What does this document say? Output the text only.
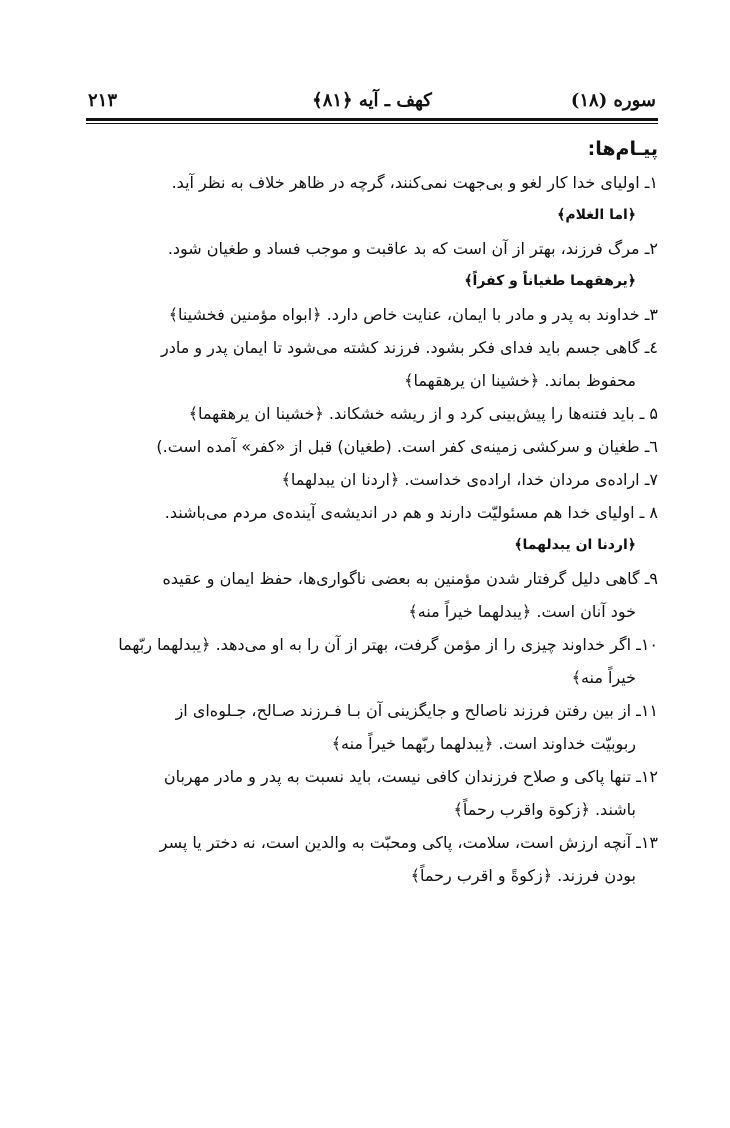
سوره (۱۸)
کهف ـ آیه ﴿۸۱﴾
۲۱۳
پیـام‌ها:
۱ـ اولیای خدا کار لغو و بی‌جهت نمی‌کنند، گرچه در ظاهر خلاف به نظر آید.
﴿اما الغلام﴾
۲ـ مرگ فرزند، بهتر از آن است که بد عاقبت و موجب فساد و طغیان شود.
﴿یرهقهما طغیاناً و کفراً﴾
۳ـ خداوند به پدر و مادر با ایمان، عنایت خاص دارد. ﴿ابواه مؤمنین فخشینا﴾
٤ـ گاهی جسم باید فدای فکر بشود. فرزند کشته می‌شود تا ایمان پدر و مادر
محفوظ بماند. ﴿خشینا ان یرهقهما﴾
۵ ـ باید فتنه‌ها را پیش‌بینی کرد و از ریشه خشکاند. ﴿خشینا ان یرهقهما﴾
٦ـ طغیان و سرکشی زمینه‌ی کفر است. (طغیان) قبل از «کفر» آمده است.)
۷ـ اراده‌ی مردان خدا، اراده‌ی خداست. ﴿اردنا ان یبدلهما﴾
۸ ـ اولیای خدا هم مسئولیّت دارند و هم در اندیشه‌ی آینده‌ی مردم می‌باشند.
﴿اردنا ان یبدلهما﴾
۹ـ گاهی دلیل گرفتار شدن مؤمنین به بعضی ناگواری‌ها، حفظ ایمان و عقیده
خود آنان است. ﴿یبدلهما خیراً منه﴾
۱۰ـ اگر خداوند چیزی را از مؤمن گرفت، بهتر از آن را به او می‌دهد. ﴿یبدلهما ربّهما
خیراً منه﴾
۱۱ـ از بین رفتن فرزند ناصالح و جایگزینی آن بـا فـرزند صـالح، جـلوه‌ای از
ربوبیّت خداوند است. ﴿یبدلهما ربّهما خیراً منه﴾
۱۲ـ تنها پاکی و صلاح فرزندان کافی نیست، باید نسبت به پدر و مادر مهربان
باشند. ﴿زکوة واقرب رحماً﴾
۱۳ـ آنچه ارزش است، سلامت، پاکی ومحبّت به والدین است، نه دختر یا پسر
بودن فرزند. ﴿زکوةً و اقرب رحماً﴾
